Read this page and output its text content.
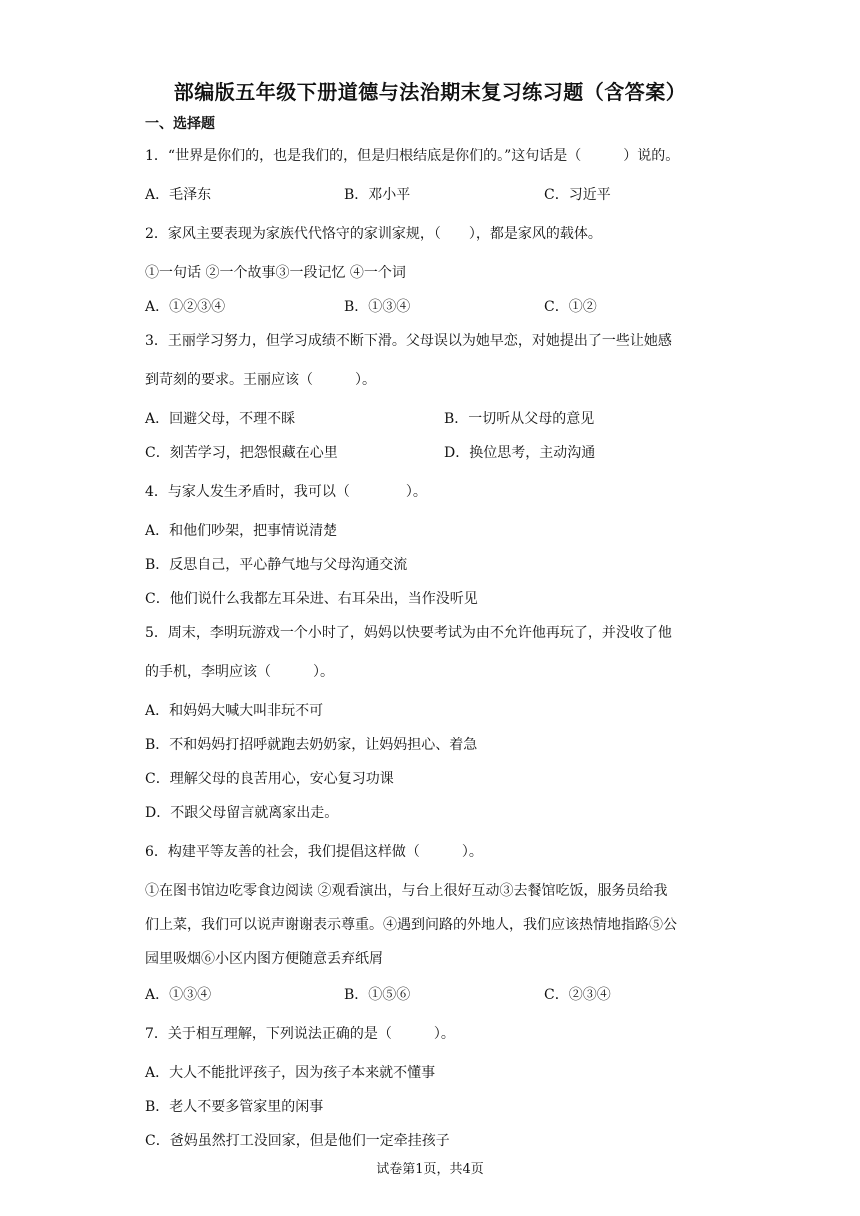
部编版五年级下册道德与法治期末复习练习题（含答案）
一、选择题
1．“世界是你们的，也是我们的，但是归根结底是你们的。”这句话是（　　　）说的。
A．毛泽东	B．邓小平	C．习近平
2．家风主要表现为家族代代恪守的家训家规，（　　），都是家风的载体。
①一句话 ②一个故事③一段记忆 ④一个词
A．①②③④	B．①③④	C．①②
3．王丽学习努力，但学习成绩不断下滑。父母误以为她早恋，对她提出了一些让她感
到苛刻的要求。王丽应该（　　　）。
A．回避父母，不理不睬	B．一切听从父母的意见
C．刻苦学习，把怨恨藏在心里	D．换位思考，主动沟通
4．与家人发生矛盾时，我可以（　　　　）。
A．和他们吵架，把事情说清楚
B．反思自己，平心静气地与父母沟通交流
C．他们说什么我都左耳朵进、右耳朵出，当作没听见
5．周末，李明玩游戏一个小时了，妈妈以快要考试为由不允许他再玩了，并没收了他
的手机，李明应该（　　　）。
A．和妈妈大喊大叫非玩不可
B．不和妈妈打招呼就跑去奶奶家，让妈妈担心、着急
C．理解父母的良苦用心，安心复习功课
D．不跟父母留言就离家出走。
6．构建平等友善的社会，我们提倡这样做（　　　）。
①在图书馆边吃零食边阅读 ②观看演出，与台上很好互动③去餐馆吃饭，服务员给我
们上菜，我们可以说声谢谢表示尊重。④遇到问路的外地人，我们应该热情地指路⑤公
园里吸烟⑥小区内图方便随意丢弃纸屑
A．①③④	B．①⑤⑥	C．②③④
7．关于相互理解，下列说法正确的是（　　　）。
A．大人不能批评孩子，因为孩子本来就不懂事
B．老人不要多管家里的闲事
C．爸妈虽然打工没回家，但是他们一定牵挂孩子
试卷第1页，共4页
